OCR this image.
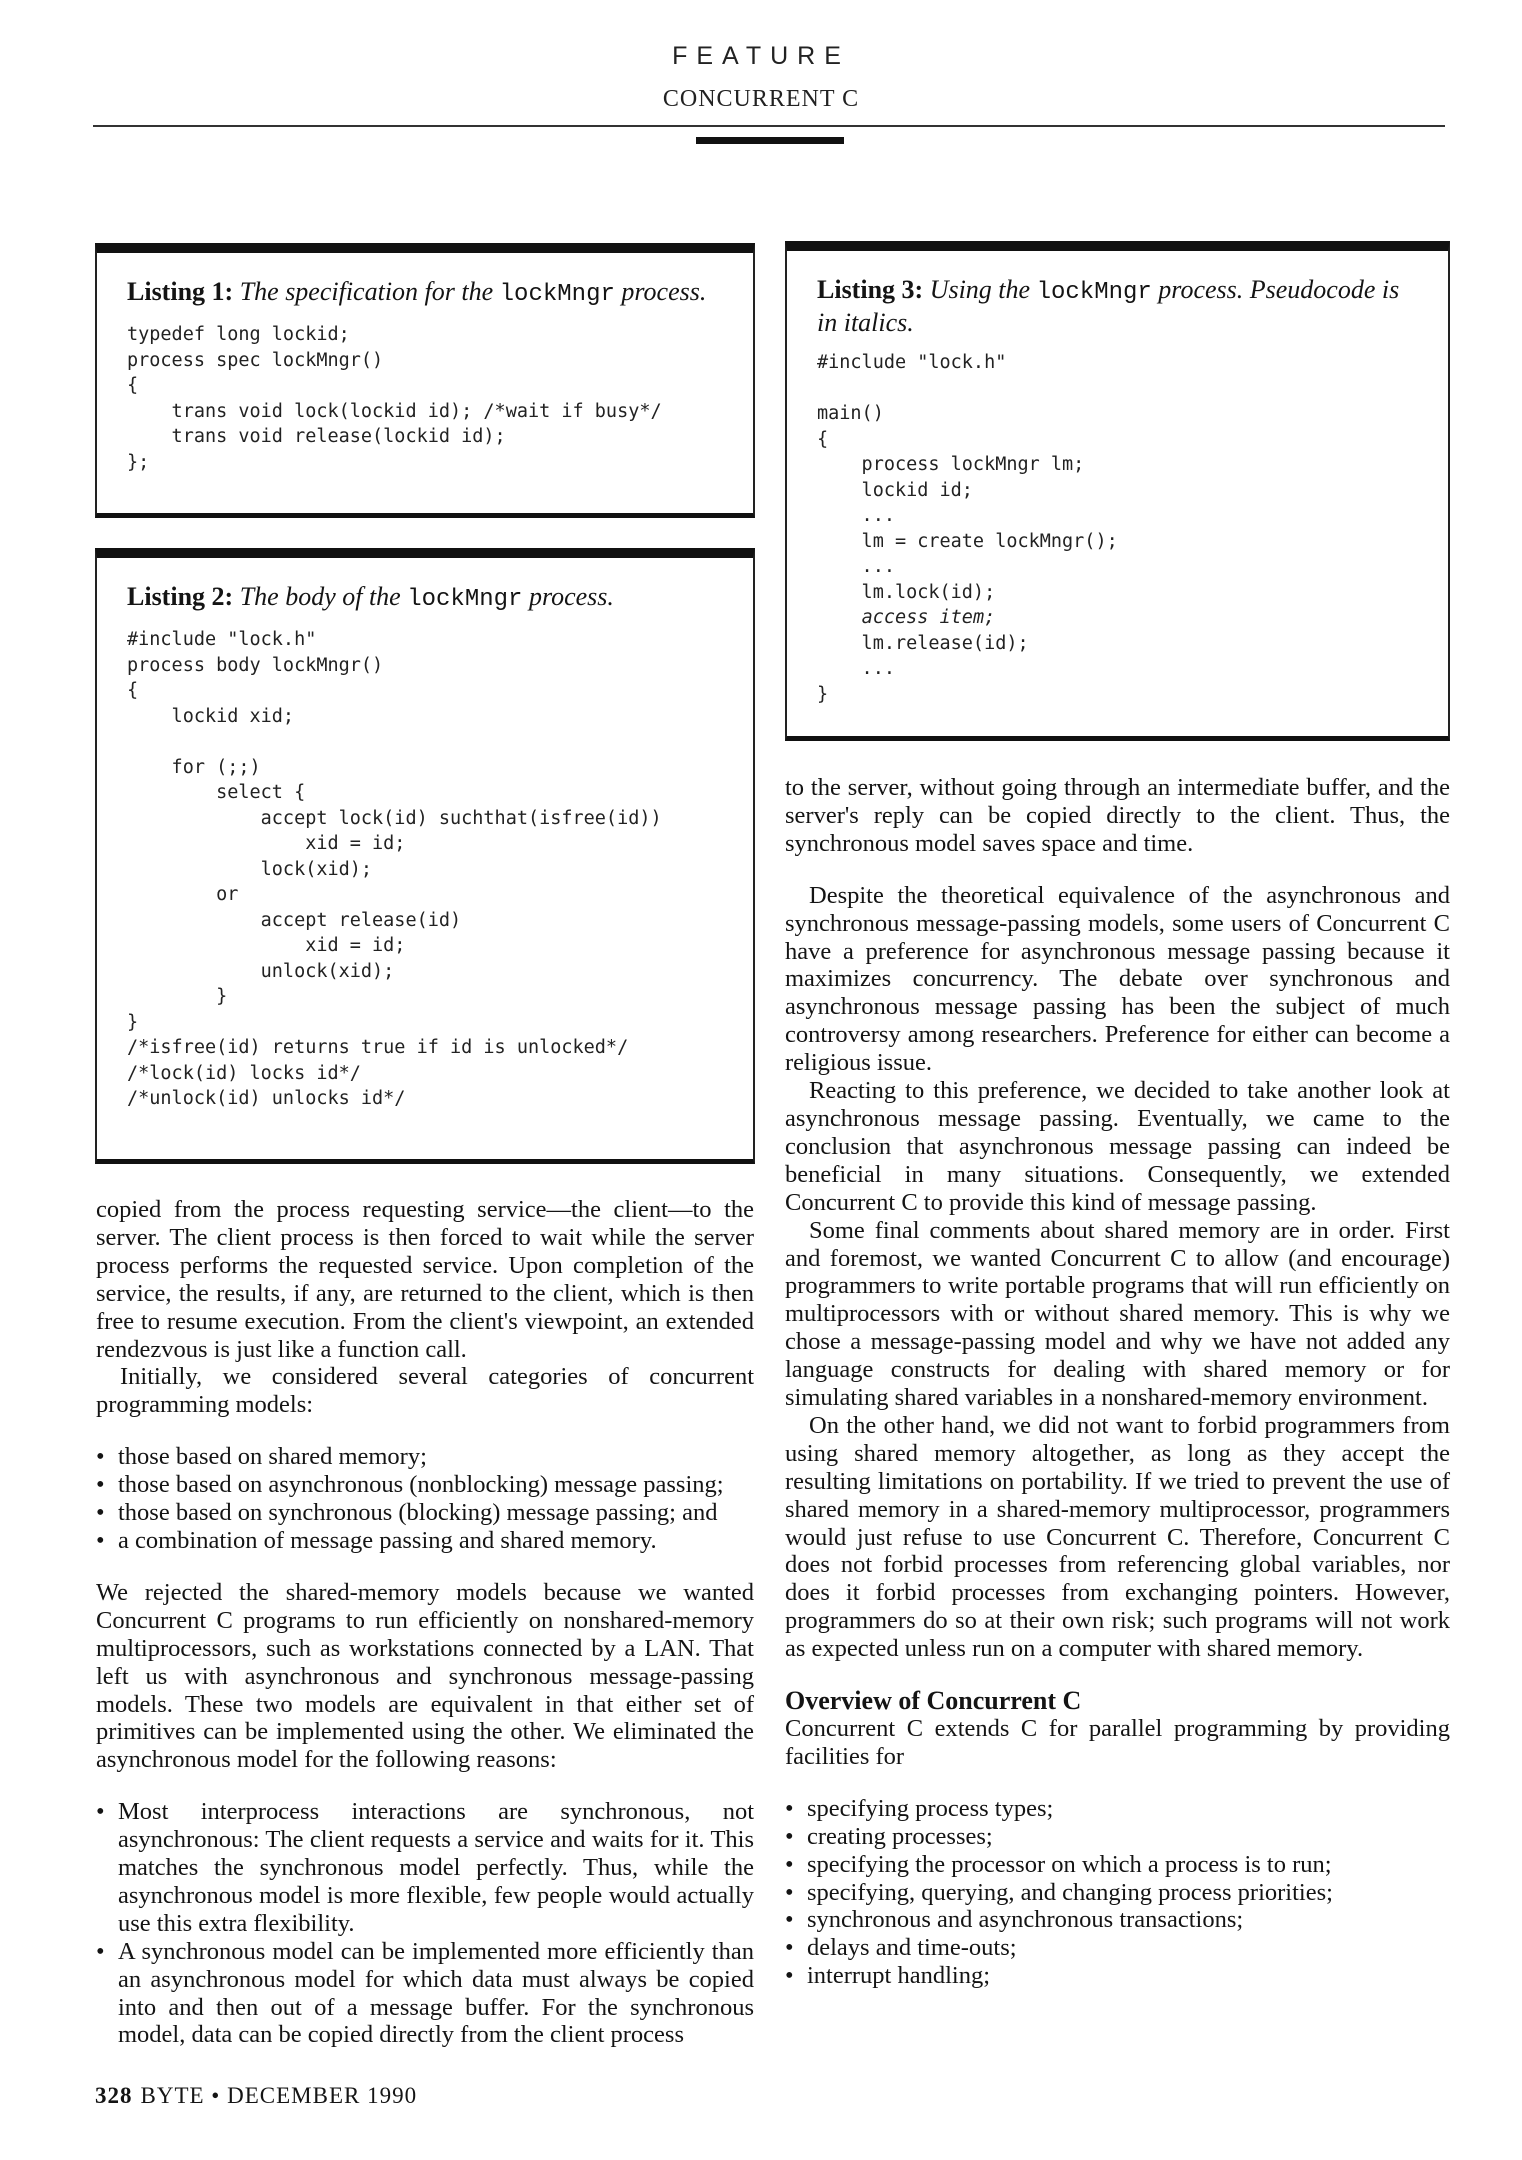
FEATURE
CONCURRENT C
Listing 1: The specification for the lockMngr process.
typedef long lockid;
process spec lockMngr()
{
trans void lock(lockid id); /*wait if busy*/
trans void release(lockid id);
};
Listing 2: The body of the lockMngr process.
#include "lock.h"
process body lockMngr()
{
lockid xid;

for (;;)
select {
accept lock(id) suchthat(isfree(id))
xid = id;
lock(xid);
or
accept release(id)
xid = id;
unlock(xid);
}
}
/*isfree(id) returns true if id is unlocked*/
/*lock(id) locks id*/
/*unlock(id) unlocks id*/
Listing 3: Using the lockMngr process. Pseudocode is in italics.
#include "lock.h"

main()
{
process lockMngr lm;
lockid id;
...
lm = create lockMngr();
...
lm.lock(id);
access item;
lm.release(id);
...
}

copied from the process requesting service—the client—to the server. The client process is then forced to wait while the server process performs the requested service. Upon completion of the service, the results, if any, are returned to the client, which is then free to resume execution. From the client's viewpoint, an extended rendezvous is just like a function call.

Initially, we considered several categories of concurrent programming models:

• those based on shared memory;
• those based on asynchronous (nonblocking) message passing;
• those based on synchronous (blocking) message passing; and
• a combination of message passing and shared memory.

We rejected the shared-memory models because we wanted Concurrent C programs to run efficiently on nonshared-memory multiprocessors, such as workstations connected by a LAN. That left us with asynchronous and synchronous message-passing models. These two models are equivalent in that either set of primitives can be implemented using the other. We eliminated the asynchronous model for the following reasons:

• Most interprocess interactions are synchronous, not asynchronous: The client requests a service and waits for it. This matches the synchronous model perfectly. Thus, while the asynchronous model is more flexible, few people would actually use this extra flexibility.
• A synchronous model can be implemented more efficiently than an asynchronous model for which data must always be copied into and then out of a message buffer. For the synchronous model, data can be copied directly from the client process

to the server, without going through an intermediate buffer, and the server's reply can be copied directly to the client. Thus, the synchronous model saves space and time.

Despite the theoretical equivalence of the asynchronous and synchronous message-passing models, some users of Concurrent C have a preference for asynchronous message passing because it maximizes concurrency. The debate over synchronous and asynchronous message passing has been the subject of much controversy among researchers. Preference for either can become a religious issue.

Reacting to this preference, we decided to take another look at asynchronous message passing. Eventually, we came to the conclusion that asynchronous message passing can indeed be beneficial in many situations. Consequently, we extended Concurrent C to provide this kind of message passing.

Some final comments about shared memory are in order. First and foremost, we wanted Concurrent C to allow (and encourage) programmers to write portable programs that will run efficiently on multiprocessors with or without shared memory. This is why we chose a message-passing model and why we have not added any language constructs for dealing with shared memory or for simulating shared variables in a nonshared-memory environment.

On the other hand, we did not want to forbid programmers from using shared memory altogether, as long as they accept the resulting limitations on portability. If we tried to prevent the use of shared memory in a shared-memory multiprocessor, programmers would just refuse to use Concurrent C. Therefore, Concurrent C does not forbid processes from referencing global variables, nor does it forbid processes from exchanging pointers. However, programmers do so at their own risk; such programs will not work as expected unless run on a computer with shared memory.

Overview of Concurrent C

Concurrent C extends C for parallel programming by providing facilities for

• specifying process types;
• creating processes;
• specifying the processor on which a process is to run;
• specifying, querying, and changing process priorities;
• synchronous and asynchronous transactions;
• delays and time-outs;
• interrupt handling;
328 BYTE • DECEMBER 1990
